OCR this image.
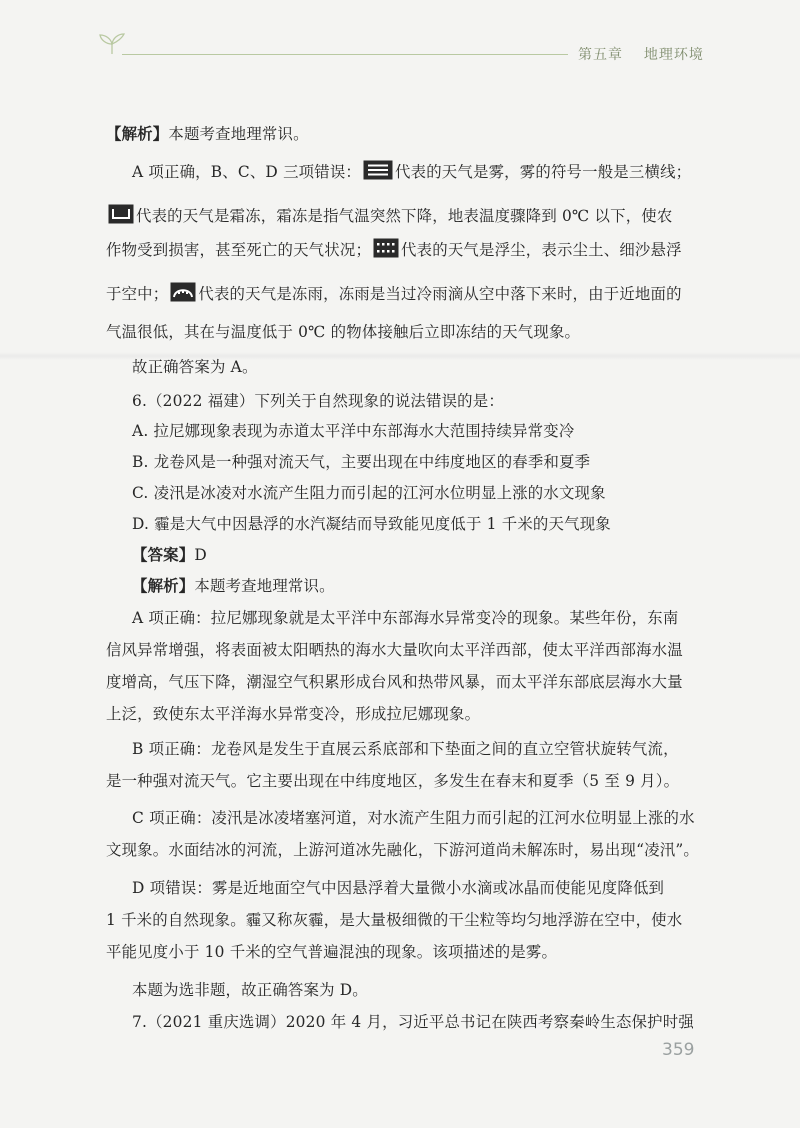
第五章 地理环境
【解析】本题考查地理常识。
A 项正确，B、C、D 三项错误： 代表的天气是雾，雾的符号一般是三横线；
代表的天气是霜冻，霜冻是指气温突然下降，地表温度骤降到 0℃ 以下，使农
作物受到损害，甚至死亡的天气状况； 代表的天气是浮尘，表示尘土、细沙悬浮
于空中； 代表的天气是冻雨，冻雨是当过冷雨滴从空中落下来时，由于近地面的
气温很低，其在与温度低于 0℃ 的物体接触后立即冻结的天气现象。
故正确答案为 A。
6.（2022 福建）下列关于自然现象的说法错误的是：
A. 拉尼娜现象表现为赤道太平洋中东部海水大范围持续异常变冷
B. 龙卷风是一种强对流天气，主要出现在中纬度地区的春季和夏季
C. 凌汛是冰凌对水流产生阻力而引起的江河水位明显上涨的水文现象
D. 霾是大气中因悬浮的水汽凝结而导致能见度低于 1 千米的天气现象
【答案】D
【解析】本题考查地理常识。
A 项正确：拉尼娜现象就是太平洋中东部海水异常变冷的现象。某些年份，东南
信风异常增强，将表面被太阳晒热的海水大量吹向太平洋西部，使太平洋西部海水温
度增高，气压下降，潮湿空气积累形成台风和热带风暴，而太平洋东部底层海水大量
上泛，致使东太平洋海水异常变冷，形成拉尼娜现象。
B 项正确：龙卷风是发生于直展云系底部和下垫面之间的直立空管状旋转气流，
是一种强对流天气。它主要出现在中纬度地区，多发生在春末和夏季（5 至 9 月）。
C 项正确：凌汛是冰凌堵塞河道，对水流产生阻力而引起的江河水位明显上涨的水
文现象。水面结冰的河流，上游河道冰先融化，下游河道尚未解冻时，易出现“凌汛”。
D 项错误：雾是近地面空气中因悬浮着大量微小水滴或冰晶而使能见度降低到
1 千米的自然现象。霾又称灰霾，是大量极细微的干尘粒等均匀地浮游在空中，使水
平能见度小于 10 千米的空气普遍混浊的现象。该项描述的是雾。
本题为选非题，故正确答案为 D。
7.（2021 重庆选调）2020 年 4 月，习近平总书记在陕西考察秦岭生态保护时强
359
